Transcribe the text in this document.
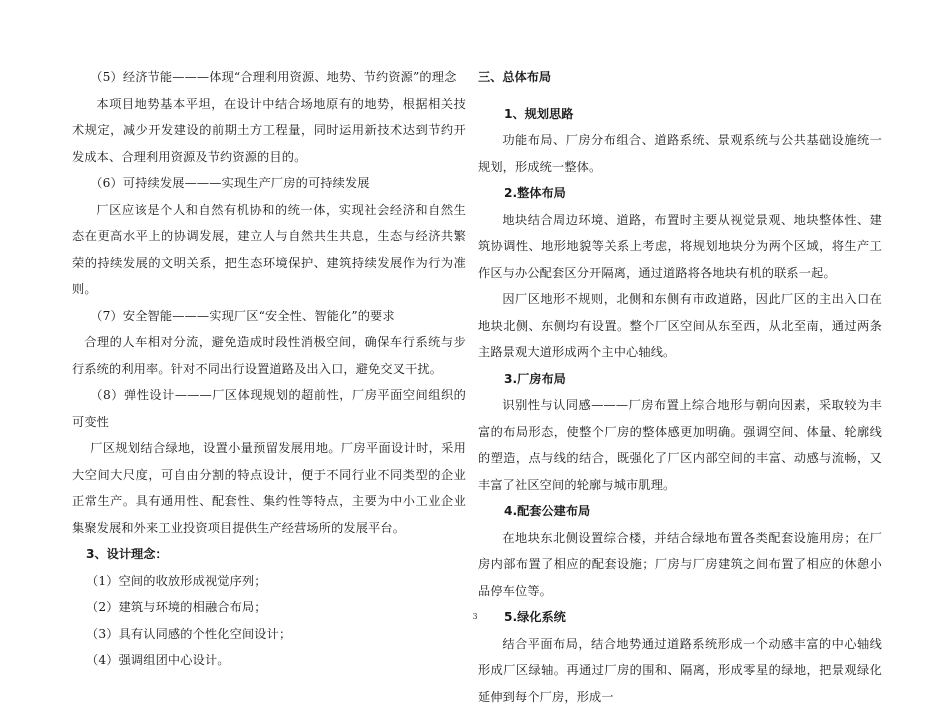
（5）经济节能———体现“合理利用资源、地势、节约资源”的理念

本项目地势基本平坦，在设计中结合场地原有的地势，根据相关技术规定，减少开发建设的前期土方工程量，同时运用新技术达到节约开发成本、合理利用资源及节约资源的目的。

（6）可持续发展———实现生产厂房的可持续发展

厂区应该是个人和自然有机协和的统一体，实现社会经济和自然生态在更高水平上的协调发展，建立人与自然共生共息，生态与经济共繁荣的持续发展的文明关系，把生态环境保护、建筑持续发展作为行为准则。

（7）安全智能———实现厂区“安全性、智能化”的要求

合理的人车相对分流，避免造成时段性消极空间，确保车行系统与步行系统的利用率。针对不同出行设置道路及出入口，避免交叉干扰。

（8）弹性设计———厂区体现规划的超前性，厂房平面空间组织的可变性

厂区规划结合绿地，设置小量预留发展用地。厂房平面设计时，采用大空间大尺度，可自由分割的特点设计，便于不同行业不同类型的企业正常生产。具有通用性、配套性、集约性等特点，主要为中小工业企业集聚发展和外来工业投资项目提供生产经营场所的发展平台。

3、设计理念：

（1）空间的收放形成视觉序列；

（2）建筑与环境的相融合布局；

（3）具有认同感的个性化空间设计；

（4）强调组团中心设计。

三、总体布局

1、规划思路

功能布局、厂房分布组合、道路系统、景观系统与公共基础设施统一规划，形成统一整体。

2.整体布局

地块结合周边环境、道路，布置时主要从视觉景观、地块整体性、建筑协调性、地形地貌等关系上考虑，将规划地块分为两个区域，将生产工作区与办公配套区分开隔离，通过道路将各地块有机的联系一起。

因厂区地形不规则，北侧和东侧有市政道路，因此厂区的主出入口在地块北侧、东侧均有设置。整个厂区空间从东至西，从北至南，通过两条主路景观大道形成两个主中心轴线。

3.厂房布局

识别性与认同感———厂房布置上综合地形与朝向因素，采取较为丰富的布局形态，使整个厂房的整体感更加明确。强调空间、体量、轮廓线的塑造，点与线的结合，既强化了厂区内部空间的丰富、动感与流畅，又丰富了社区空间的轮廓与城市肌理。

4.配套公建布局

在地块东北侧设置综合楼，并结合绿地布置各类配套设施用房；在厂房内部布置了相应的配套设施；厂房与厂房建筑之间布置了相应的休憩小品停车位等。

5.绿化系统

结合平面布局，结合地势通过道路系统形成一个动感丰富的中心轴线形成厂区绿轴。再通过厂房的围和、隔离，形成零星的绿地，把景观绿化延伸到每个厂房，形成一

3
